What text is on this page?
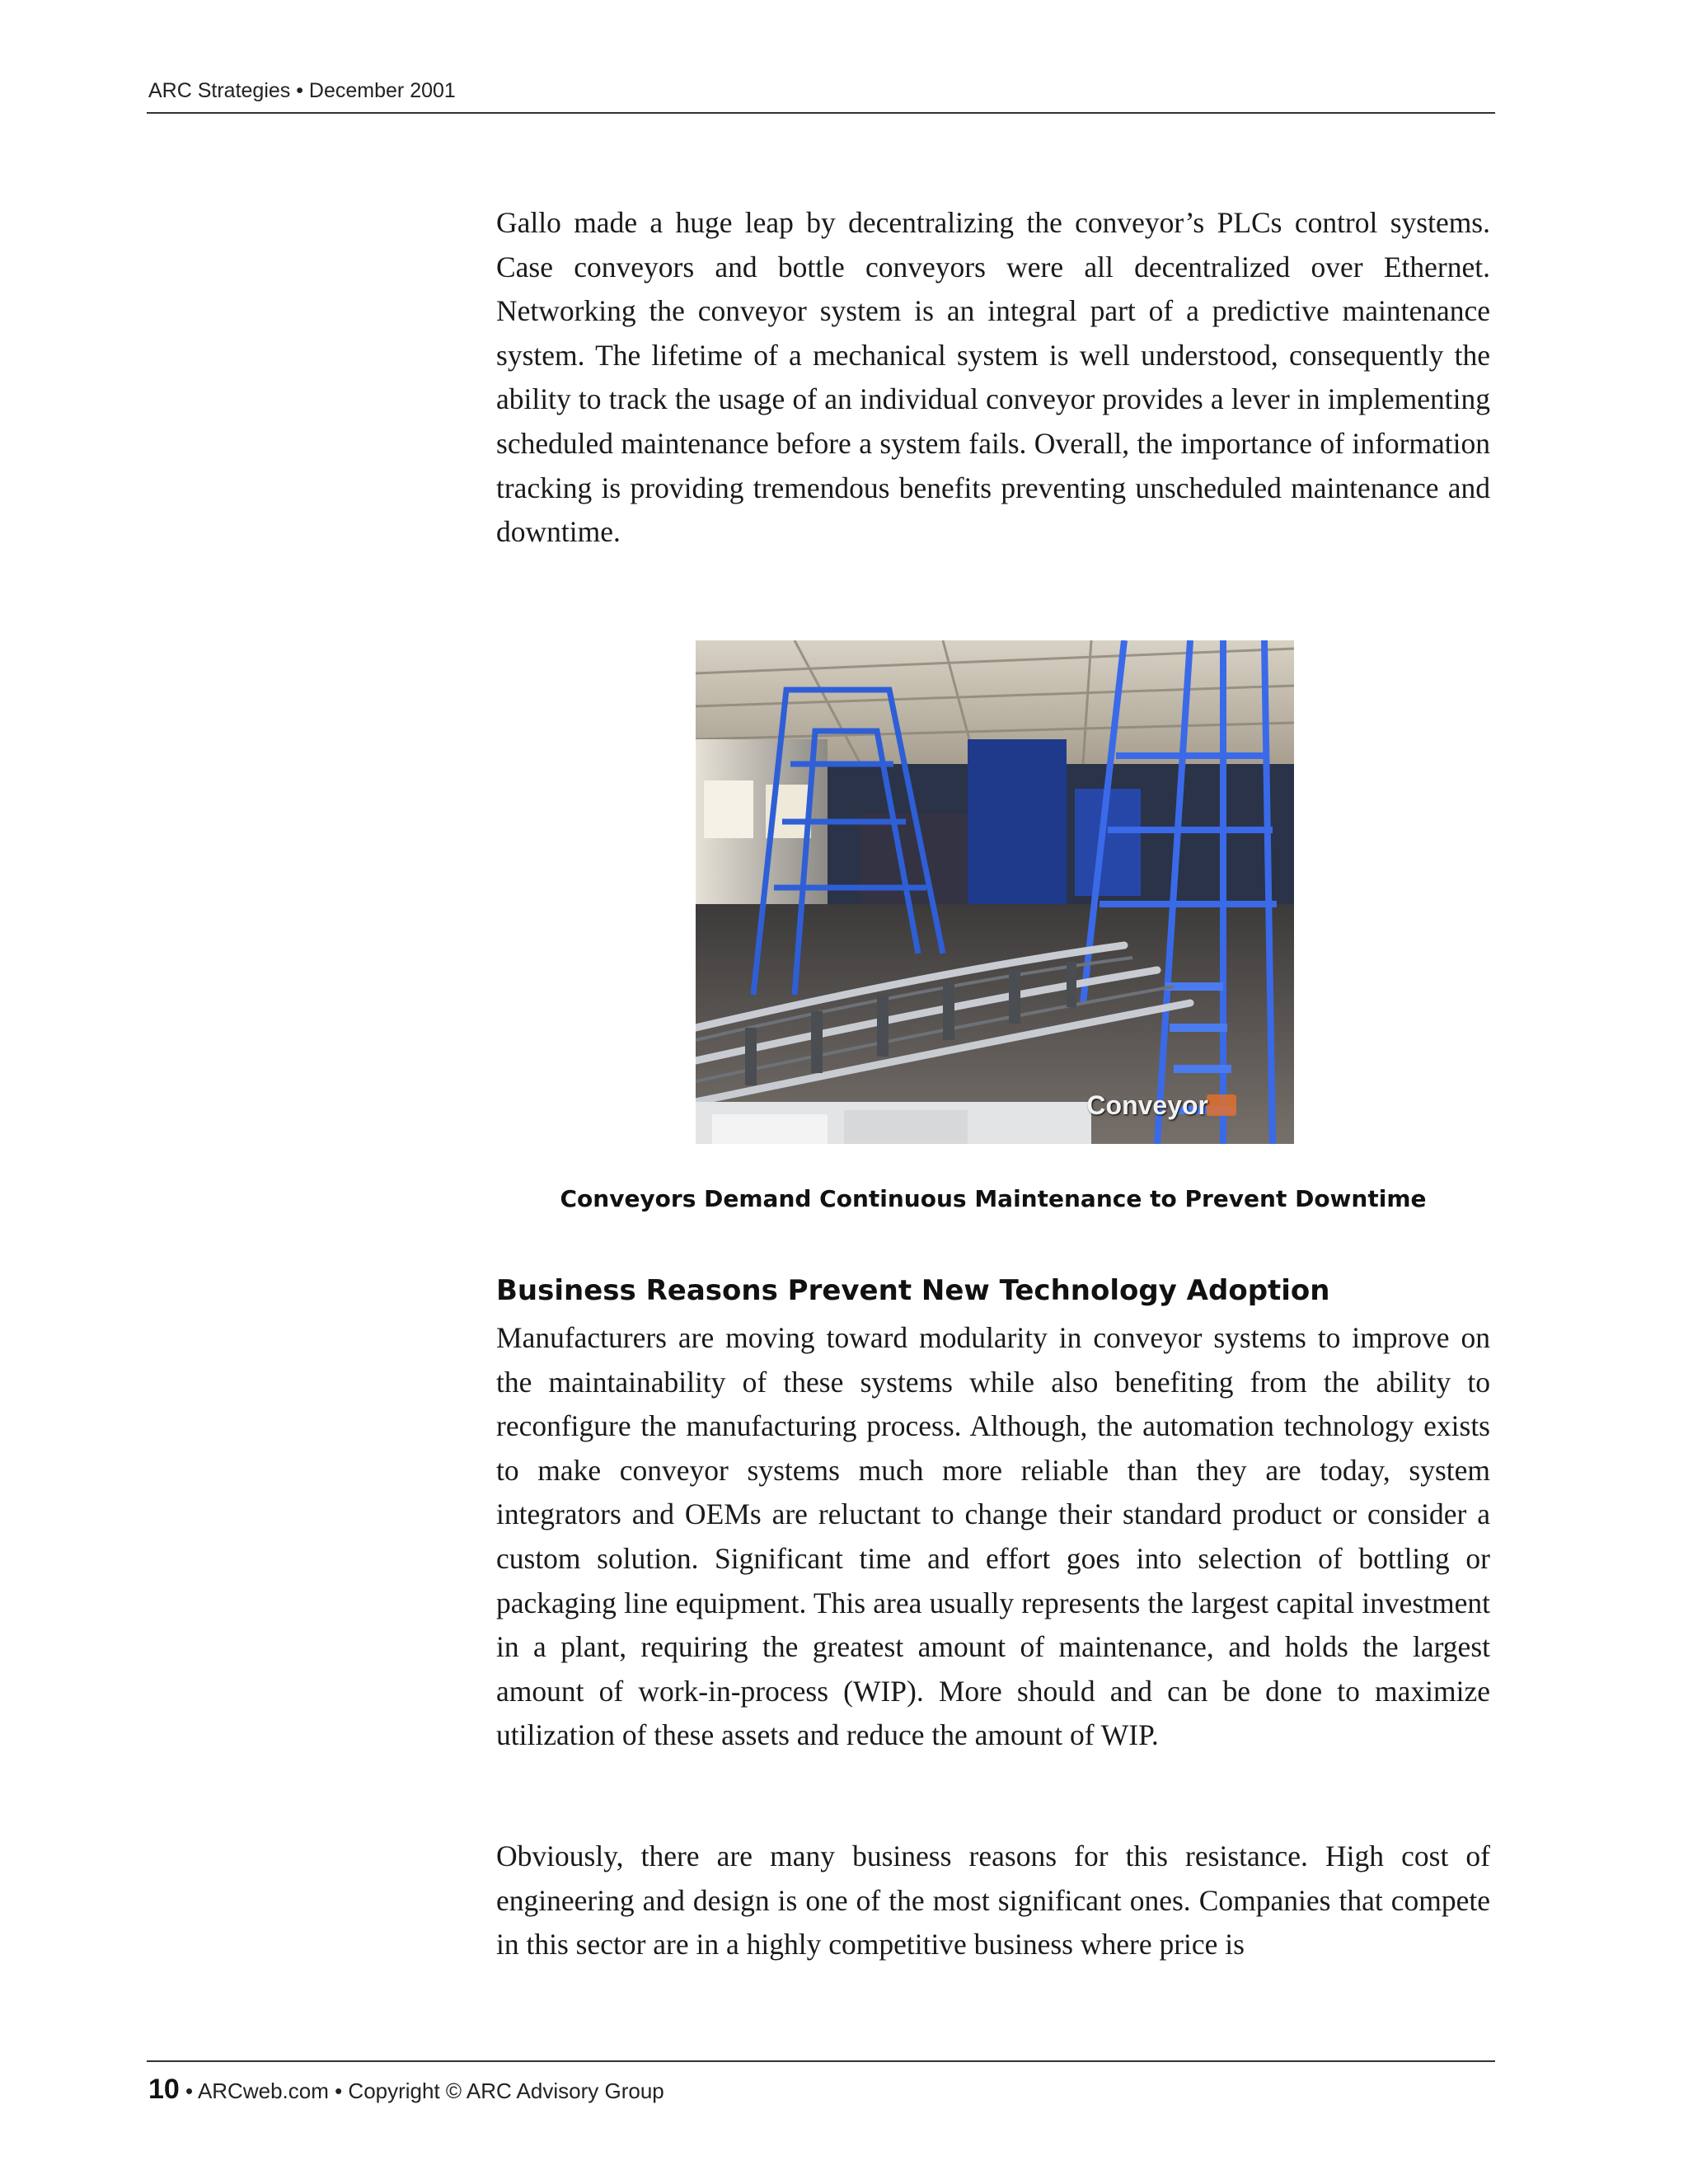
ARC Strategies • December 2001

Gallo made a huge leap by decentralizing the conveyor’s PLCs control systems. Case conveyors and bottle conveyors were all decentralized over Ethernet. Networking the conveyor system is an integral part of a predictive maintenance system. The lifetime of a mechanical system is well understood, consequently the ability to track the usage of an individual conveyor provides a lever in implementing scheduled maintenance before a system fails. Overall, the importance of information tracking is providing tremendous benefits preventing unscheduled maintenance and downtime.

Conveyor
Conveyors Demand Continuous Maintenance to Prevent Downtime
Business Reasons Prevent New Technology Adoption

Manufacturers are moving toward modularity in conveyor systems to improve on the maintainability of these systems while also benefiting from the ability to reconfigure the manufacturing process. Although, the automation technology exists to make conveyor systems much more reliable than they are today, system integrators and OEMs are reluctant to change their standard product or consider a custom solution. Significant time and effort goes into selection of bottling or packaging line equipment. This area usually represents the largest capital investment in a plant, requiring the greatest amount of maintenance, and holds the largest amount of work-in-process (WIP). More should and can be done to maximize utilization of these assets and reduce the amount of WIP.

Obviously, there are many business reasons for this resistance. High cost of engineering and design is one of the most significant ones. Companies that compete in this sector are in a highly competitive business where price is

10 • ARCweb.com • Copyright © ARC Advisory Group
